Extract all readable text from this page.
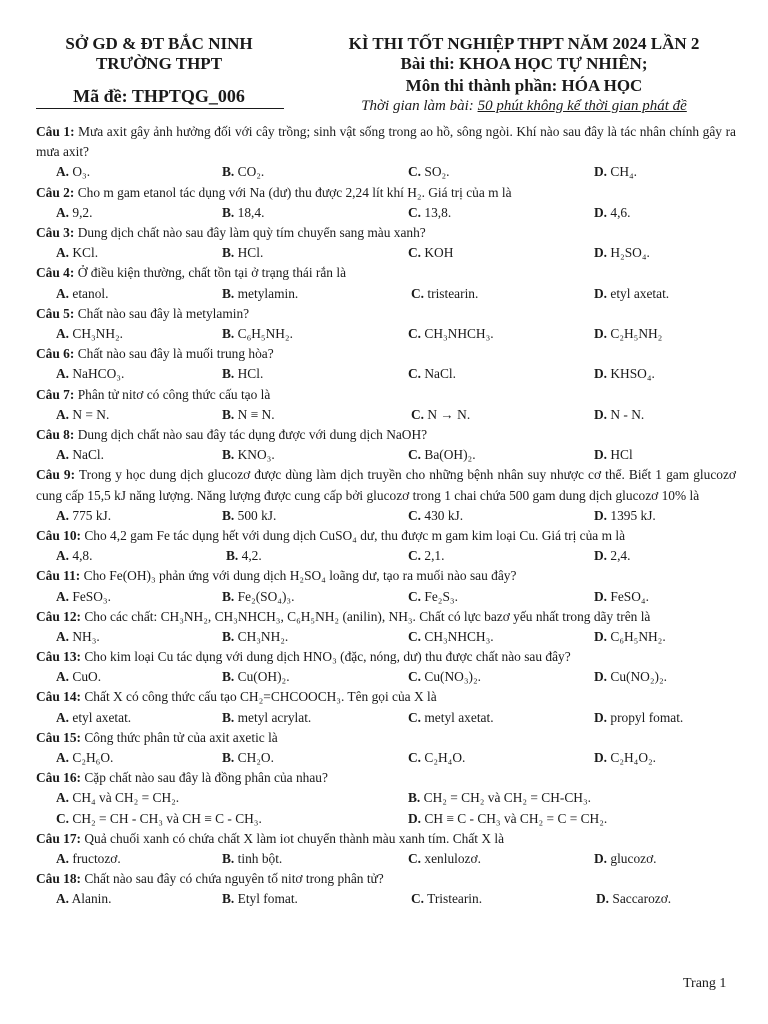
SỞ GD & ĐT BẮC NINH
TRƯỜNG THPT
Mã đề: THPTQG_006
KÌ THI TỐT NGHIỆP THPT NĂM 2024 LẦN 2
Bài thi: KHOA HỌC TỰ NHIÊN;
Môn thi thành phần: HÓA HỌC
Thời gian làm bài: 50 phút không kể thời gian phát đề
Câu 1: Mưa axit gây ảnh hưởng đối với cây trồng; sinh vật sống trong ao hồ, sông ngòi. Khí nào sau đây là tác nhân chính gây ra mưa axit?
A. O₃.	B. CO₂.	C. SO₂.	D. CH₄.
Câu 2: Cho m gam etanol tác dụng với Na (dư) thu được 2,24 lít khí H₂. Giá trị của m là
A. 9,2.	B. 18,4.	C. 13,8.	D. 4,6.
Câu 3: Dung dịch chất nào sau đây làm quỳ tím chuyển sang màu xanh?
A. KCl.	B. HCl.	C. KOH	D. H₂SO₄.
Câu 4: Ở điều kiện thường, chất tồn tại ở trạng thái rắn là
A. etanol.	B. metylamin.	C. tristearin.	D. etyl axetat.
Câu 5: Chất nào sau đây là metylamin?
A. CH₃NH₂.	B. C₆H₅NH₂.	C. CH₃NHCH₃.	D. C₂H₅NH₂
Câu 6: Chất nào sau đây là muối trung hòa?
A. NaHCO₃.	B. HCl.	C. NaCl.	D. KHSO₄.
Câu 7: Phân tử nitơ có công thức cấu tạo là
A. N = N.	B. N ≡ N.	C. N → N.	D. N - N.
Câu 8: Dung dịch chất nào sau đây tác dụng được với dung dịch NaOH?
A. NaCl.	B. KNO₃.	C. Ba(OH)₂.	D. HCl
Câu 9: Trong y học dung dịch glucozơ được dùng làm dịch truyền cho những bệnh nhân suy nhược cơ thể. Biết 1 gam glucozơ cung cấp 15,5 kJ năng lượng. Năng lượng được cung cấp bởi glucozơ trong 1 chai chứa 500 gam dung dịch glucozơ 10% là
A. 775 kJ.	B. 500 kJ.	C. 430 kJ.	D. 1395 kJ.
Câu 10: Cho 4,2 gam Fe tác dụng hết với dung dịch CuSO₄ dư, thu được m gam kim loại Cu. Giá trị của m là
A. 4,8.	B. 4,2.	C. 2,1.	D. 2,4.
Câu 11: Cho Fe(OH)₃ phản ứng với dung dịch H₂SO₄ loãng dư, tạo ra muối nào sau đây?
A. FeSO₃.	B. Fe₂(SO₄)₃.	C. Fe₂S₃.	D. FeSO₄.
Câu 12: Cho các chất: CH₃NH₂, CH₃NHCH₃, C₆H₅NH₂ (anilin), NH₃. Chất có lực bazơ yếu nhất trong dãy trên là
A. NH₃.	B. CH₃NH₂.	C. CH₃NHCH₃.	D. C₆H₅NH₂.
Câu 13: Cho kim loại Cu tác dụng với dung dịch HNO₃ (đặc, nóng, dư) thu được chất nào sau đây?
A. CuO.	B. Cu(OH)₂.	C. Cu(NO₃)₂.	D. Cu(NO₂)₂.
Câu 14: Chất X có công thức cấu tạo CH₂=CHCOOCH₃. Tên gọi của X là
A. etyl axetat.	B. metyl acrylat.	C. metyl axetat.	D. propyl fomat.
Câu 15: Công thức phân tử của axit axetic là
A. C₂H₆O.	B. CH₂O.	C. C₂H₄O.	D. C₂H₄O₂.
Câu 16: Cặp chất nào sau đây là đồng phân của nhau?
A. CH₄ và CH₂ = CH₂.	B. CH₂ = CH₂ và CH₂ = CH-CH₃.
C. CH₂ = CH - CH₃ và CH ≡ C - CH₃.	D. CH ≡ C - CH₃ và CH₂ = C = CH₂.
Câu 17: Quả chuối xanh có chứa chất X làm iot chuyển thành màu xanh tím. Chất X là
A. fructozơ.	B. tinh bột.	C. xenlulozơ.	D. glucozơ.
Câu 18: Chất nào sau đây có chứa nguyên tố nitơ trong phân tử?
A. Alanin.	B. Etyl fomat.	C. Tristearin.	D. Saccarozơ.
Trang 1
